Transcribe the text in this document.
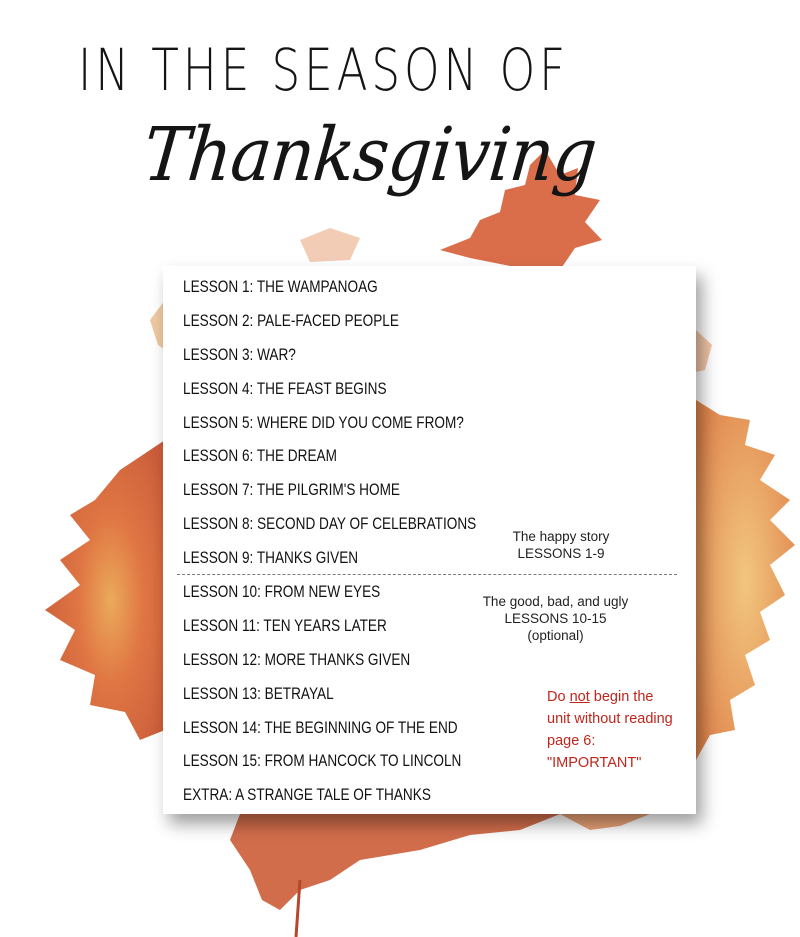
IN THE SEASON OF
Thanksgiving
LESSON 1: THE WAMPANOAG
LESSON 2: PALE-FACED PEOPLE
LESSON 3: WAR?
LESSON 4: THE FEAST BEGINS
LESSON 5: WHERE DID YOU COME FROM?
LESSON 6: THE DREAM
LESSON 7: THE PILGRIM'S HOME
LESSON 8: SECOND DAY OF CELEBRATIONS
LESSON 9: THANKS GIVEN
LESSON 10: FROM NEW EYES
LESSON 11: TEN YEARS LATER
LESSON 12: MORE THANKS GIVEN
LESSON 13: BETRAYAL
LESSON 14: THE BEGINNING OF THE END
LESSON 15: FROM HANCOCK TO LINCOLN
EXTRA: A STRANGE TALE OF THANKS
The happy story
LESSONS 1-9
The good, bad, and ugly
LESSONS 10-15
(optional)
Do not begin the unit without reading page 6: "IMPORTANT"
